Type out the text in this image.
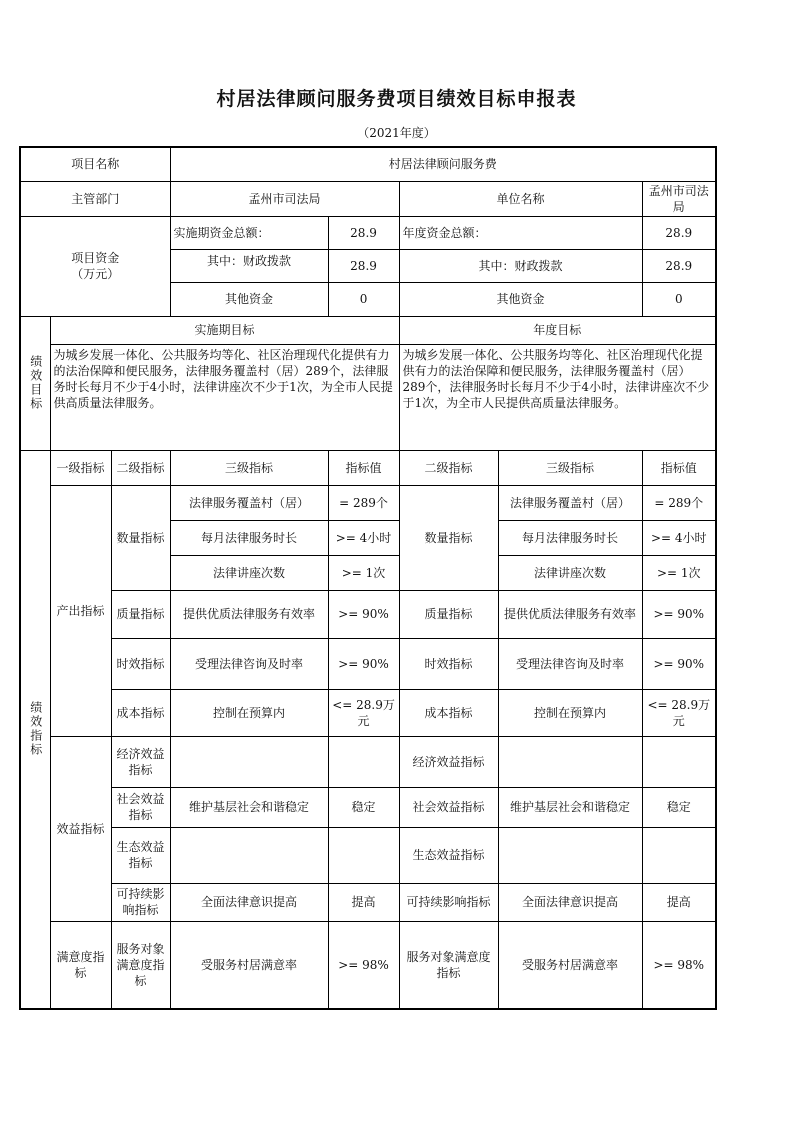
村居法律顾问服务费项目绩效目标申报表
（2021年度）
项目名称			村居法律顾问服务费				
主管部门			孟州市司法局		单位名称		孟州市司法局
项目资金
（万元）			实施期资金总额：	28.9	年度资金总额：		28.9
			其中：财政拨款	28.9	其中：财政拨款		28.9
			其他资金	0	其他资金		0
绩效目标	实施期目标				年度目标		
	为城乡发展一体化、公共服务均等化、社区治理现代化提供有力的法治保障和便民服务，法律服务覆盖村（居）289个，法律服务时长每月不少于4小时，法律讲座次不少于1次，为全市人民提供高质量法律服务。				为城乡发展一体化、公共服务均等化、社区治理现代化提供有力的法治保障和便民服务，法律服务覆盖村（居）289个，法律服务时长每月不少于4小时，法律讲座次不少于1次，为全市人民提供高质量法律服务。		
绩效指标	一级指标	二级指标	三级指标	指标值	二级指标	三级指标	指标值
	产出指标	数量指标	法律服务覆盖村（居）	= 289个	数量指标	法律服务覆盖村（居）	= 289个
			每月法律服务时长	>= 4小时		每月法律服务时长	>= 4小时
			法律讲座次数	>= 1次		法律讲座次数	>= 1次
		质量指标	提供优质法律服务有效率	>= 90%	质量指标	提供优质法律服务有效率	>= 90%
		时效指标	受理法律咨询及时率	>= 90%	时效指标	受理法律咨询及时率	>= 90%
		成本指标	控制在预算内	<= 28.9万元	成本指标	控制在预算内	<= 28.9万元
	效益指标	经济效益指标			经济效益指标		
		社会效益指标	维护基层社会和谐稳定	稳定	社会效益指标	维护基层社会和谐稳定	稳定
		生态效益指标			生态效益指标		
		可持续影响指标	全面法律意识提高	提高	可持续影响指标	全面法律意识提高	提高
	满意度指标	服务对象满意度指标	受服务村居满意率	>= 98%	服务对象满意度指标	受服务村居满意率	>= 98%
